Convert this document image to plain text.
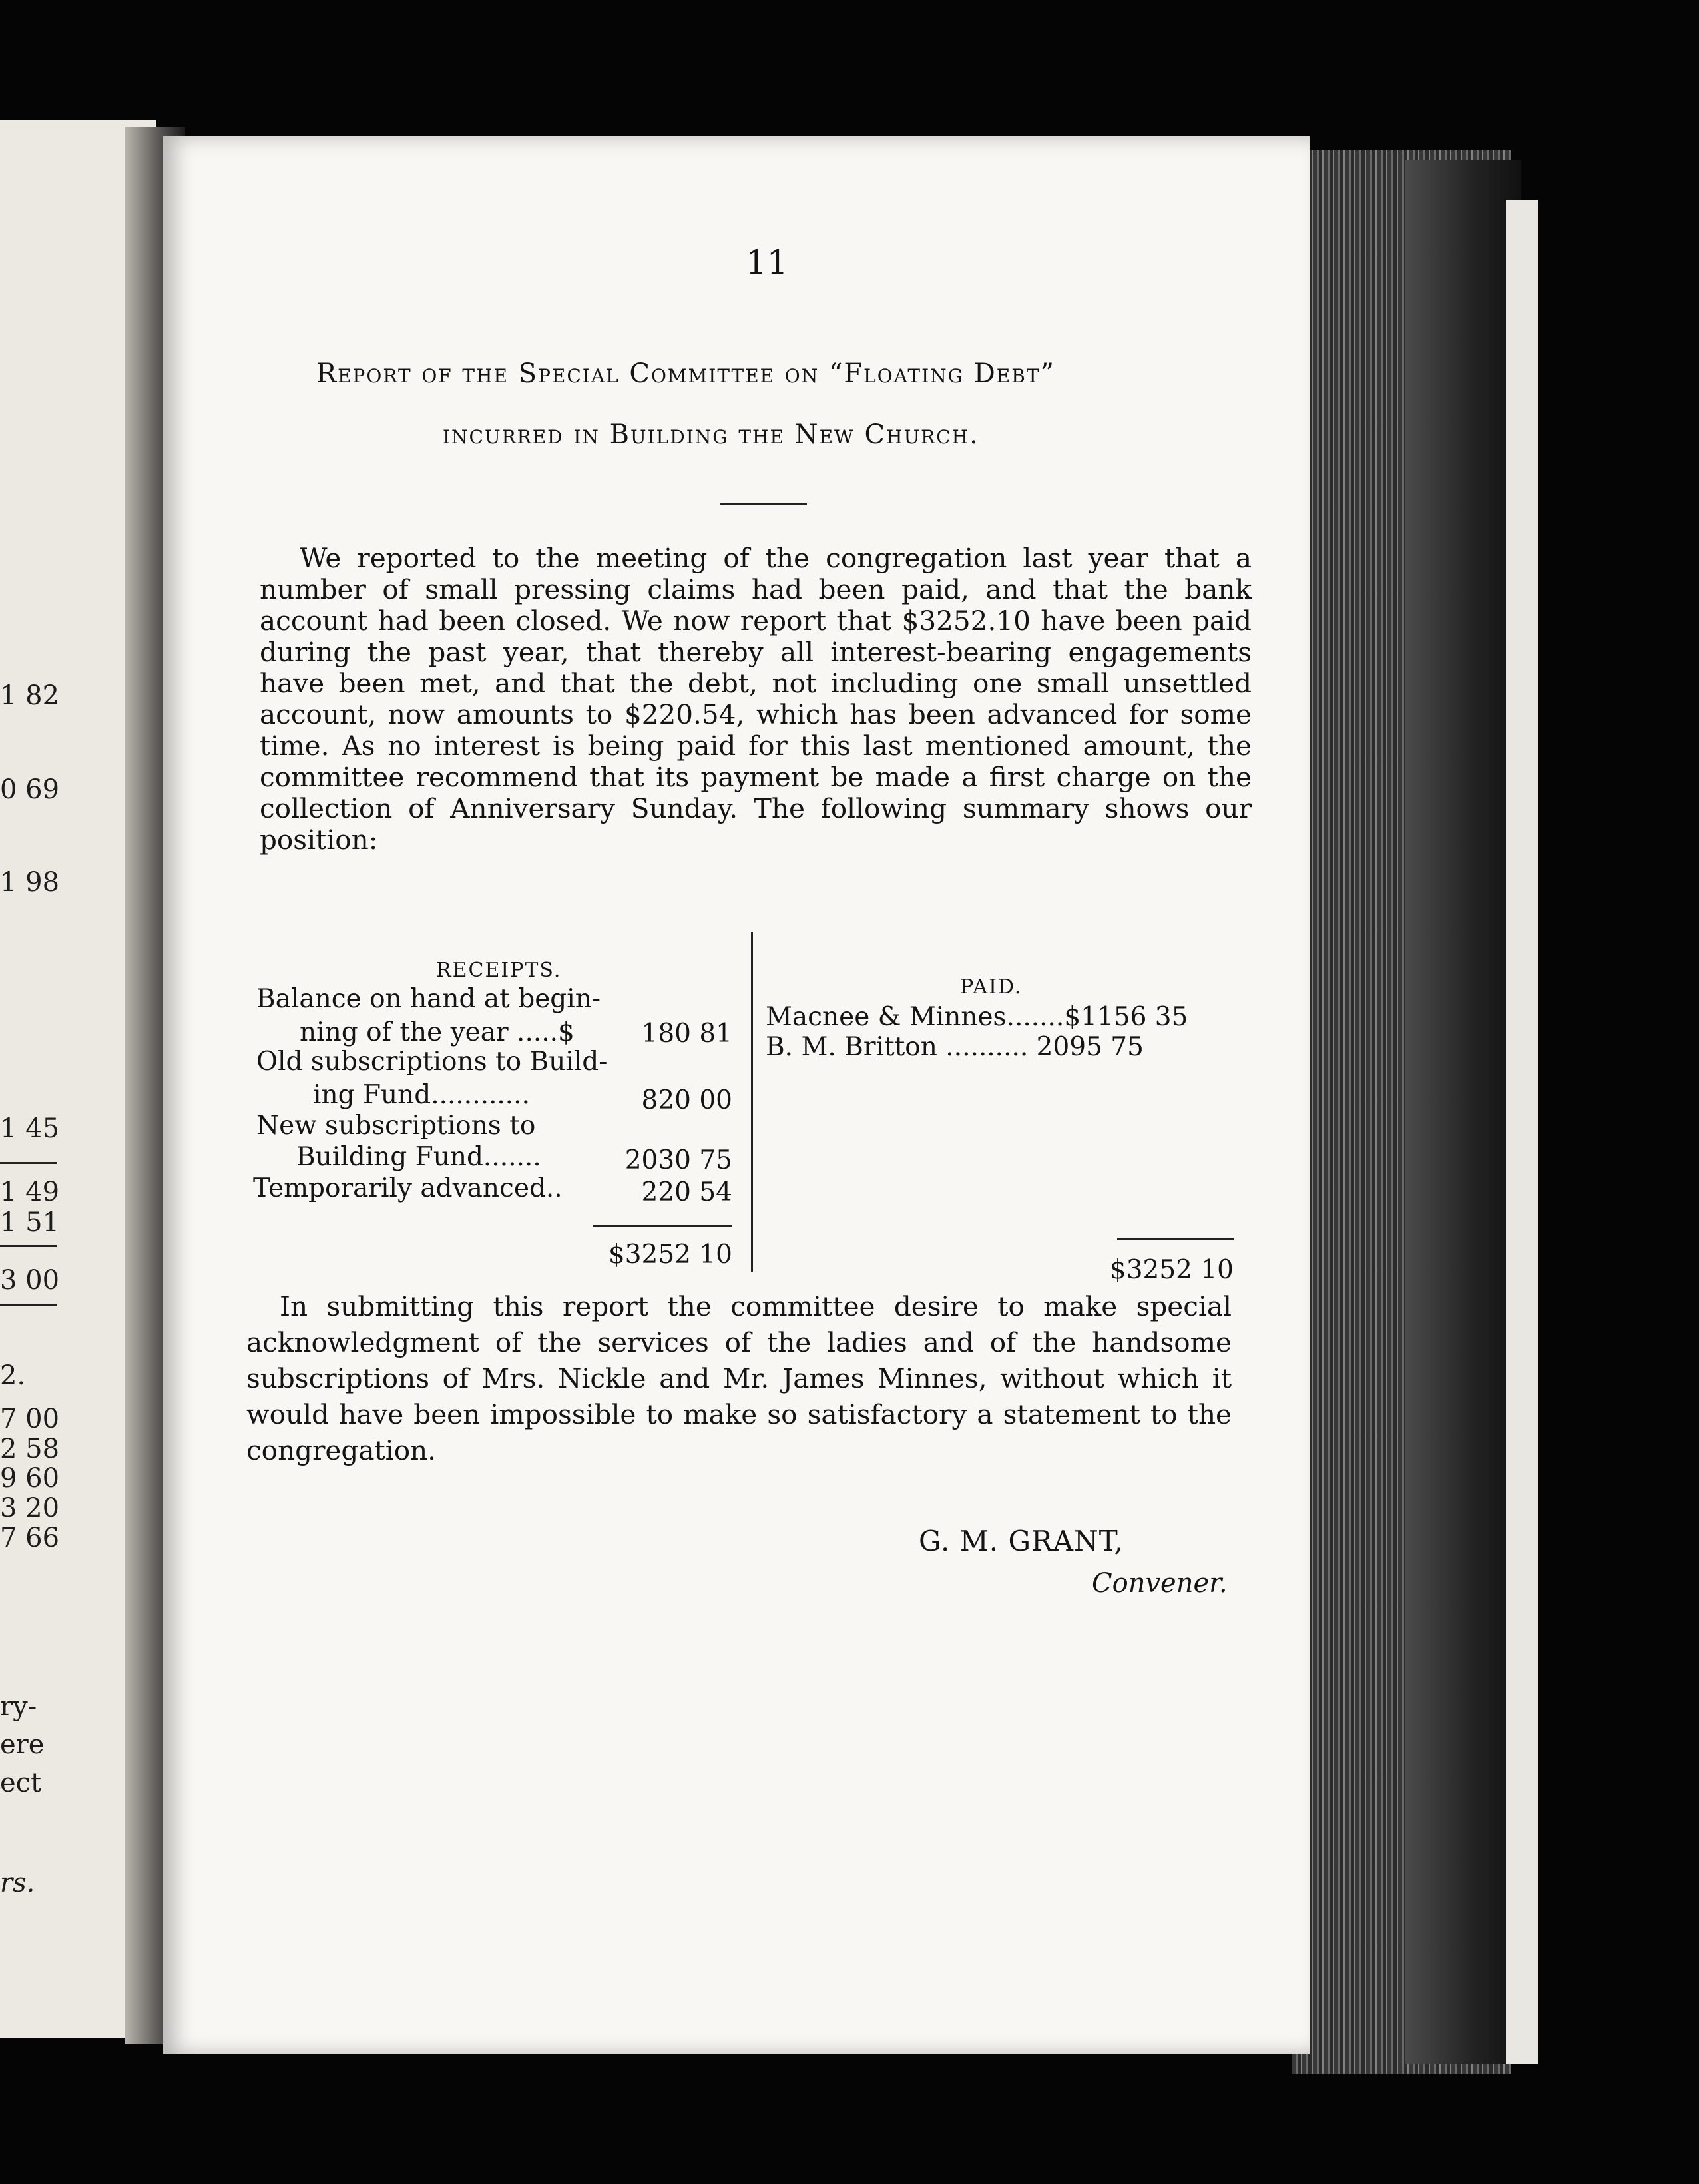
1 82
0 69
1 98
1 45
1 49
1 51
3 00
2.
7 00
2 58
9 60
3 20
7 66
ry-
ere
ect
rs.
11
Report of the Special Committee on “Floating Debt”
incurred in Building the New Church.

We reported to the meeting of the congregation last year that a number of small pressing claims had been paid, and that the bank account had been closed. We now report that $3252.10 have been paid during the past year, that thereby all interest-bearing engagements have been met, and that the debt, not including one small unsettled account, now amounts to $220.54, which has been advanced for some time. As no interest is being paid for this last mentioned amount, the committee recommend that its payment be made a first charge on the collection of Anniversary Sunday. The following summary shows our position:

RECEIPTS.
Balance on hand at begin-
ning of the year .....$	180 81
Old subscriptions to Build-
ing Fund............	820 00
New subscriptions to
Building Fund.......	2030 75
Temporarily advanced..	220 54
$3252 10
PAID.
Macnee & Minnes.......$1156 35
B. M. Britton .......... 2095 75
$3252 10

In submitting this report the committee desire to make special acknowledgment of the services of the ladies and of the handsome subscriptions of Mrs. Nickle and Mr. James Minnes, without which it would have been impossible to make so satisfactory a statement to the congregation.

G. M. GRANT,
Convener.
